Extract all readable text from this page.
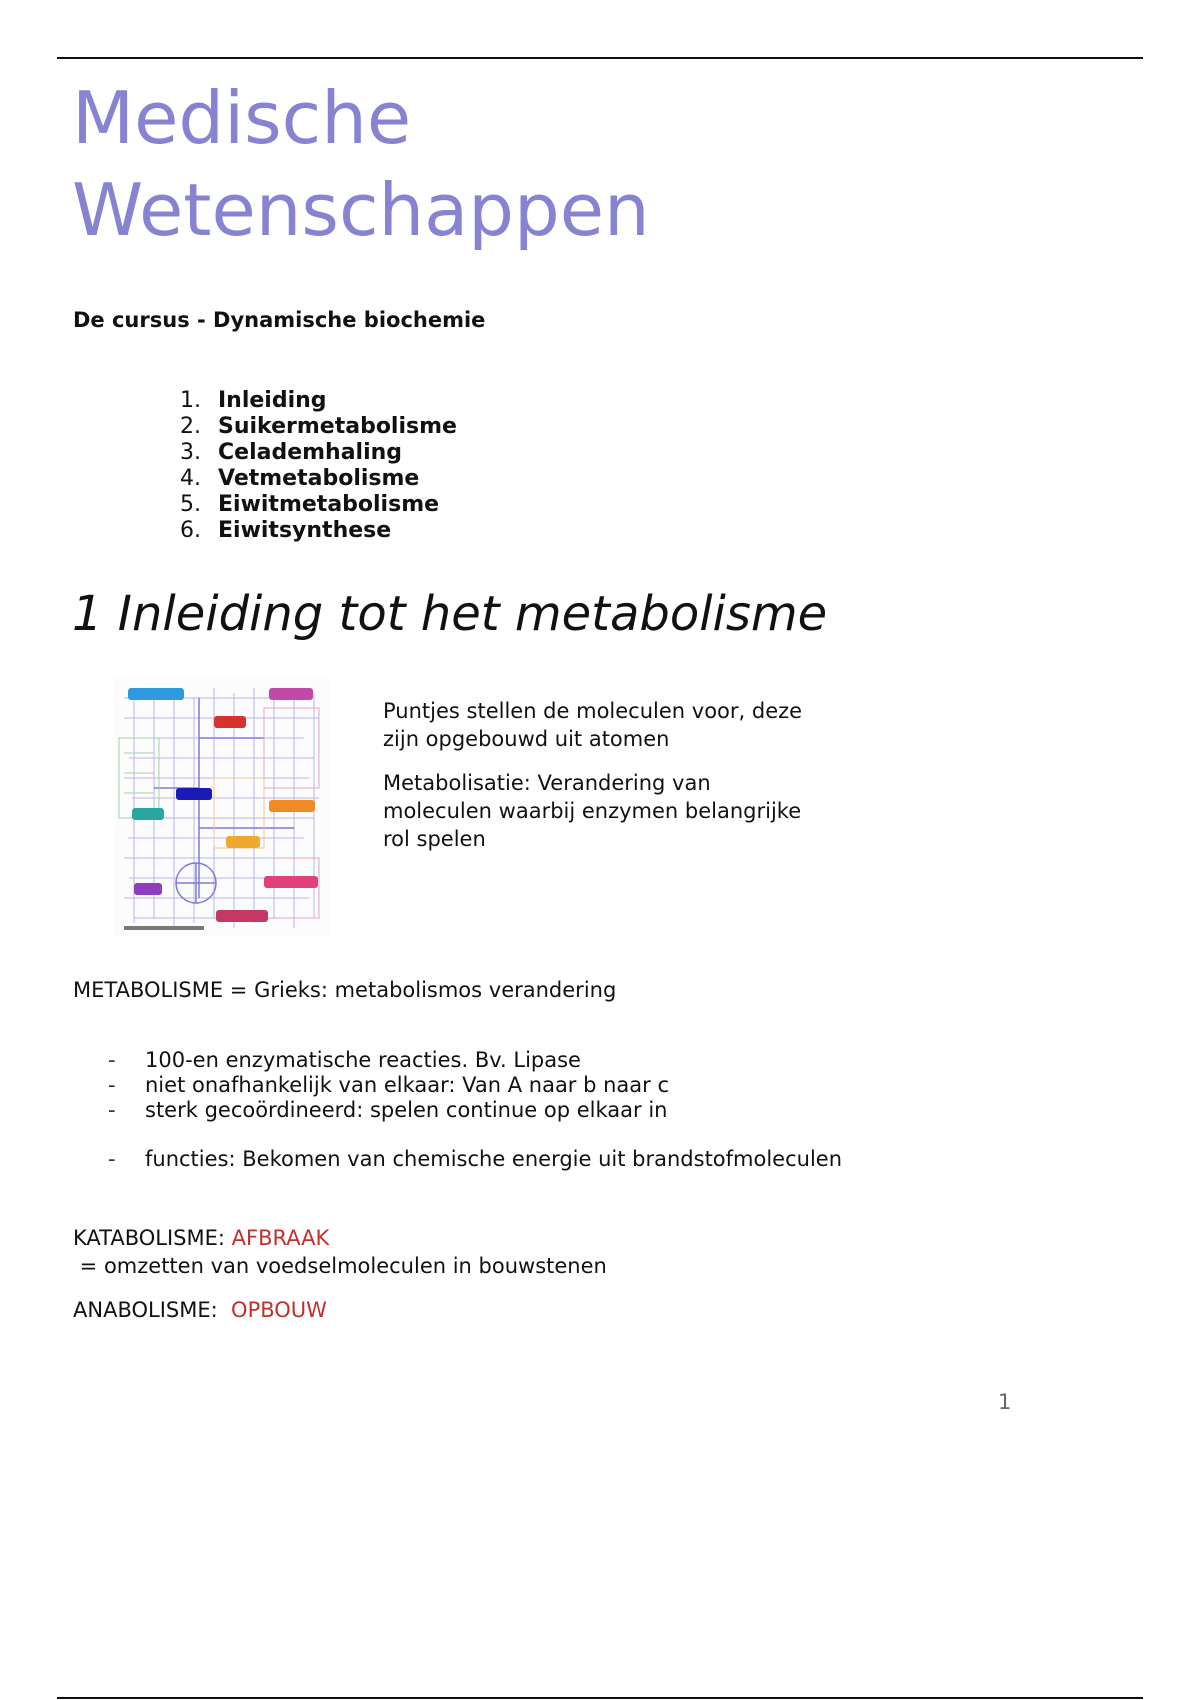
Medische
Wetenschappen
De cursus - Dynamische biochemie
1. Inleiding
2. Suikermetabolisme
3. Celademhaling
4. Vetmetabolisme
5. Eiwitmetabolisme
6. Eiwitsynthese
1 Inleiding tot het metabolisme

Puntjes stellen de moleculen voor, deze zijn opgebouwd uit atomen

Metabolisatie: Verandering van moleculen waarbij enzymen belangrijke rol spelen

METABOLISME = Grieks: metabolismos verandering
-	100-en enzymatische reacties. Bv. Lipase
-	niet onafhankelijk van elkaar: Van A naar b naar c
-	sterk gecoördineerd: spelen continue op elkaar in
-	functies: Bekomen van chemische energie uit brandstofmoleculen
KATABOLISME: AFBRAAK
= omzetten van voedselmoleculen in bouwstenen
ANABOLISME:  OPBOUW
1
